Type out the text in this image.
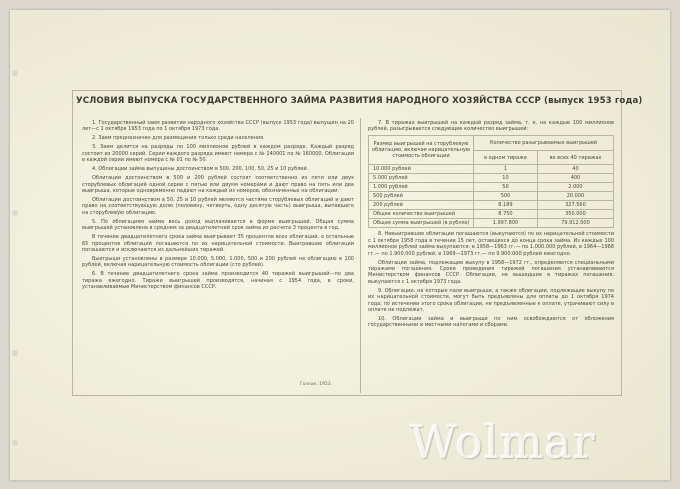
УСЛОВИЯ ВЫПУСКА ГОСУДАРСТВЕННОГО ЗАЙМА РАЗВИТИЯ НАРОДНОГО ХОЗЯЙСТВА СССР (выпуск 1953 года)

1. Государственный заем развития народного хозяйства СССР (выпуск 1953 года) выпущен на 20 лет—с 1 октября 1953 года по 1 октября 1973 года.

2. Заем предназначен для размещения только среди населения.

3. Заем делится на разряды по 100 миллионов рублей в каждом разряде. Каждый разряд состоит из 20000 серий. Серии каждого разряда имеют номера с № 140001 по № 160000. Облигации в каждой серии имеют номера с № 01 по № 50.

4. Облигации займа выпущены достоинством в 500, 200, 100, 50, 25 и 10 рублей.

Облигации достоинством в 500 и 200 рублей состоят соответственно из пяти или двух сторублевых облигаций одной серии с пятью или двумя номерами и дают право на пять или два выигрыша, которые одновременно падают на каждый из номеров, обозначенных на облигации.

Облигации достоинством в 50, 25 и 10 рублей являются частями сторублевых облигаций и дают право на соответствующую долю (половину, четверть, одну десятую часть) выигрыша, выпавшего на сторублевую облигацию.

5. По облигациям займа весь доход выплачивается в форме выигрышей. Общая сумма выигрышей установлена в среднем за двадцатилетний срок займа из расчета 3 процента в год.

В течение двадцатилетнего срока займа выигрывает 35 процентов всех облигаций, а остальные 65 процентов облигаций погашаются по их нарицательной стоимости. Выигравшие облигации погашаются и исключаются из дальнейших тиражей.

Выигрыши установлены в размере 10.000, 5.000, 1.000, 500 и 200 рублей на облигацию в 100 рублей, включая нарицательную стоимость облигации (сто рублей).

6. В течение двадцатилетнего срока займа производится 40 тиражей выигрышей—по два тиража ежегодно. Тиражи выигрышей производятся, начиная с 1954 года, в сроки, устанавливаемые Министерством финансов СССР.

7. В тиражах выигрышей на каждый разряд займа, т. е. на каждые 100 миллионов рублей, разыгрывается следующее количество выигрышей:

Размер выигрышей на сторублевую облигацию, включая нарицательную стоимость облигации	Количество разыгрываемых выигрышей	
	в одном тираже	во всех 40 тиражах
10.000 рублей	1	40
5.000 рублей	10	400
1.000 рублей	50	2.000
500 рублей	500	20.000
200 рублей	8.189	327.560
Общее количество выигрышей	8.750	350.000
Общая сумма выигрышей (в рублях)	1.997.800	79.912.000

8. Невыигравшие облигации погашаются (выкупаются) по их нарицательной стоимости с 1 октября 1958 года в течение 15 лет, оставшихся до конца срока займа. Из каждых 100 миллионов рублей займа выкупаются: в 1958—1963 гг.— по 1.000.000 рублей, в 1964—1968 гг.— по 1.900.000 рублей, в 1969—1973 гг.— по 9.900.000 рублей ежегодно.

Облигации займа, подлежащие выкупу в 1958—1972 гг., определяются специальными тиражами погашения. Сроки проведения тиражей погашения устанавливаются Министерством финансов СССР. Облигации, не вышедшие в тиражах погашения, выкупаются с 1 октября 1973 года.

9. Облигации, на которые пали выигрыши, а также облигации, подлежащие выкупу по их нарицательной стоимости, могут быть предъявлены для оплаты до 1 октября 1974 года; по истечении этого срока облигации, не предъявленные к оплате, утрачивают силу в оплате не подлежат.

10. Облигации займа и выигрыши по ним освобождаются от обложения государственными и местными налогами и сборами.

Гознак. 1953.
Wolmar
